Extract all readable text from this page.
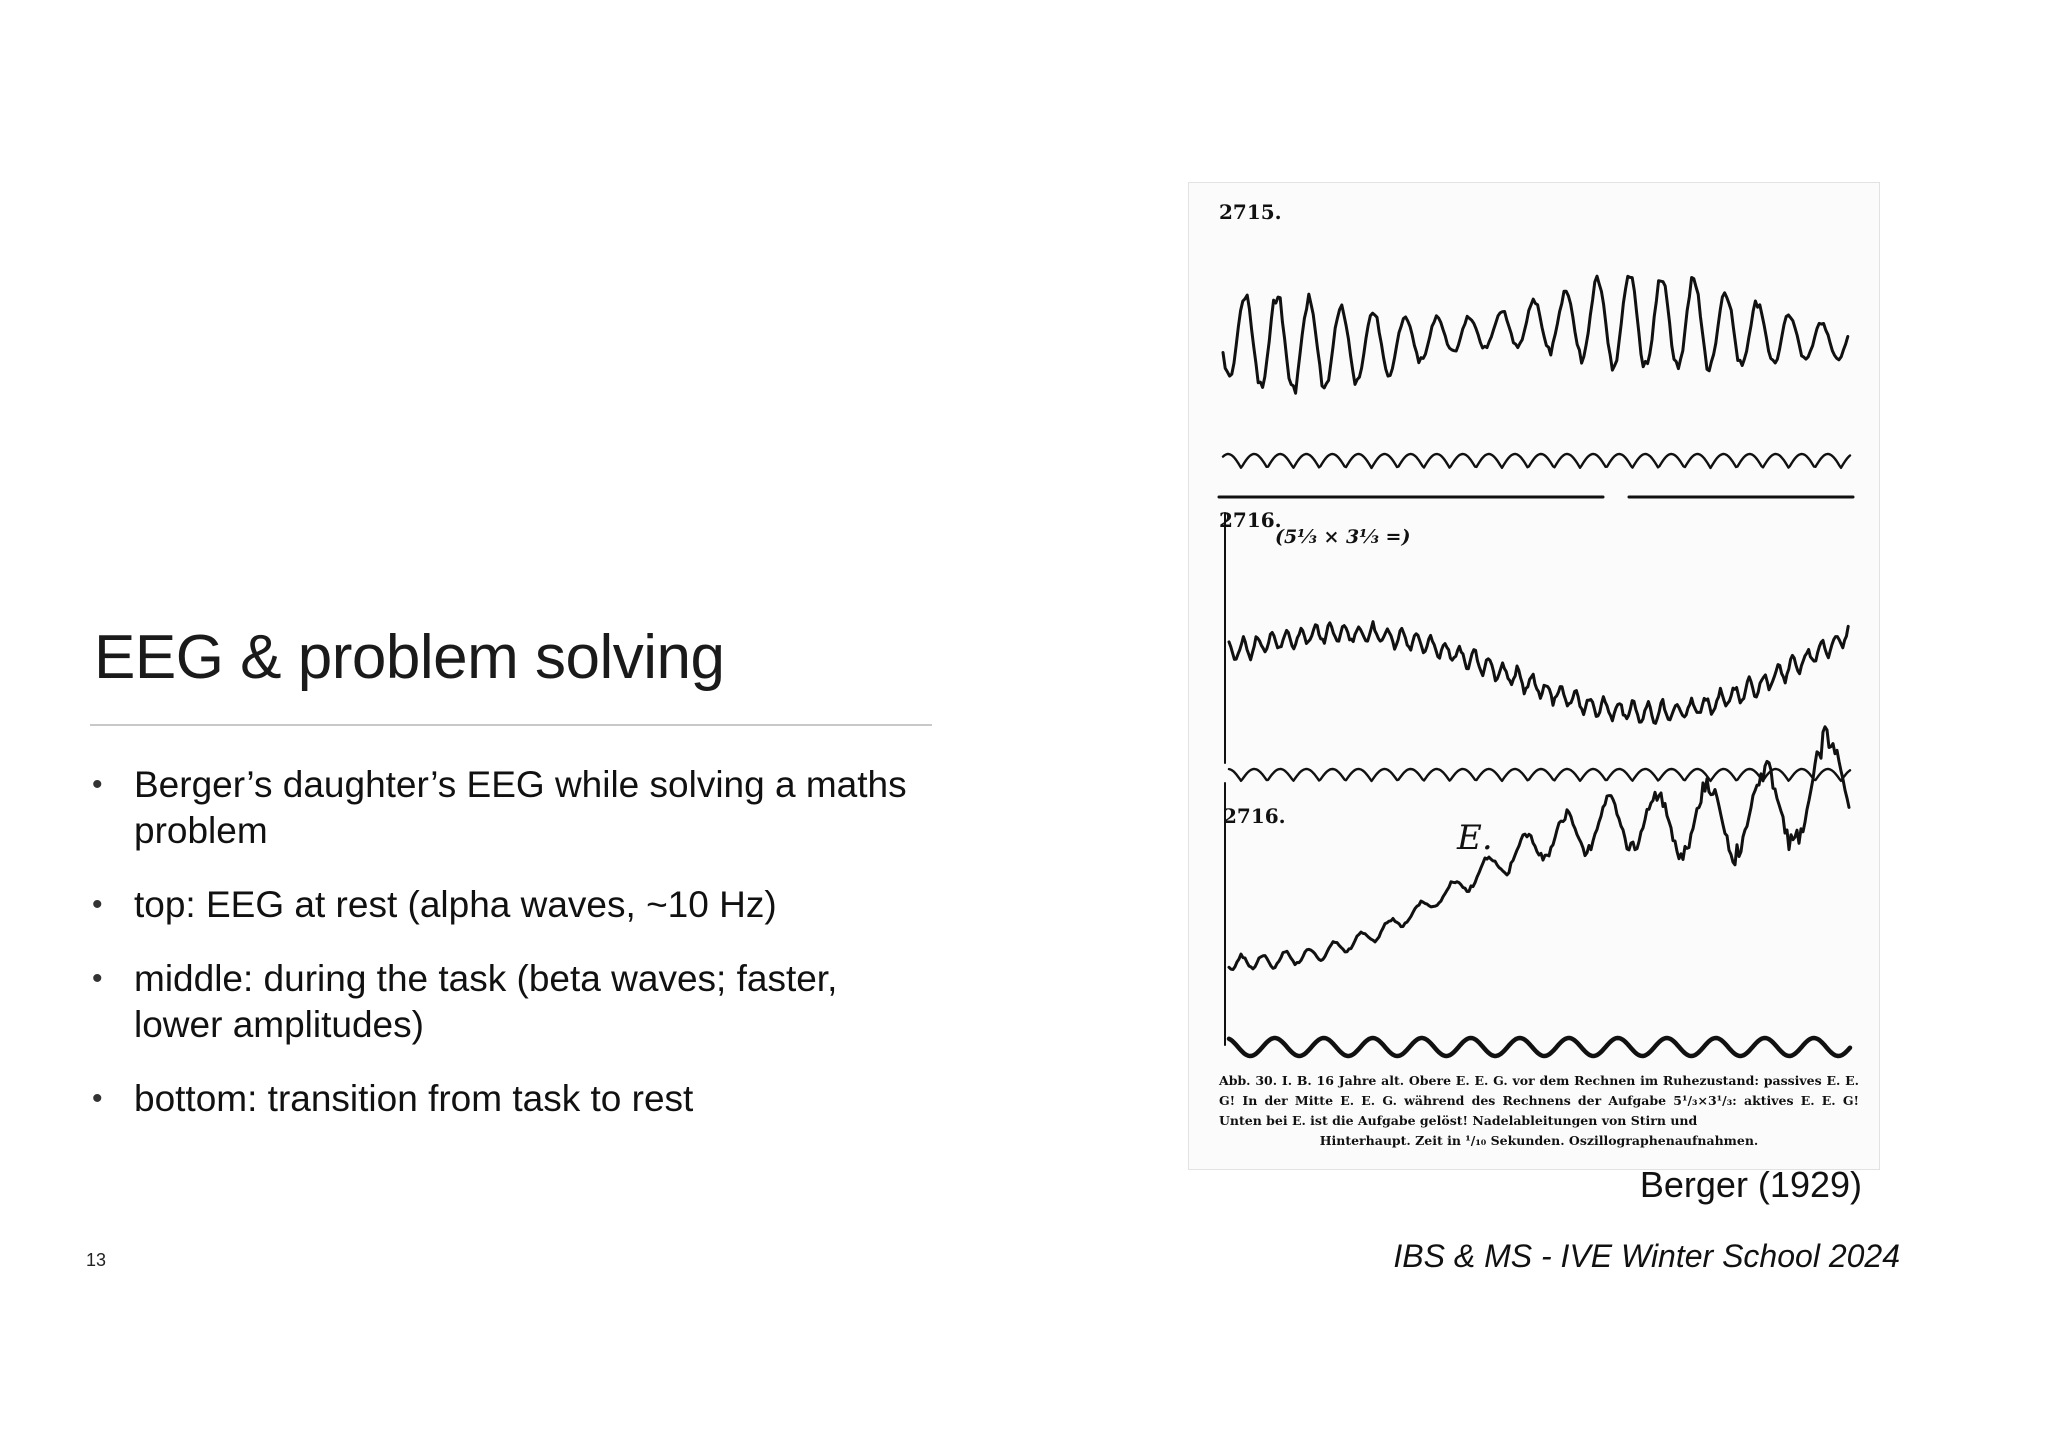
EEG & problem solving
• Berger’s daughter’s EEG while solving a maths problem
• top: EEG at rest (alpha waves, ~10 Hz)
• middle: during the task (beta waves; faster, lower amplitudes)
• bottom: transition from task to rest
2715.
2716.
(5⅓ × 3⅓ =)
2716.
E.
Abb. 30. I. B. 16 Jahre alt. Obere E. E. G. vor dem Rechnen im Ruhezustand: passives E. E. G! In der Mitte E. E. G. während des Rechnens der Aufgabe 5¹/₃×3¹/₃: aktives E. E. G! Unten bei E. ist die Aufgabe gelöst! Nadelableitungen von Stirn und
Hinterhaupt. Zeit in ¹/₁₀ Sekunden. Oszillographenaufnahmen.
Berger (1929)
13	IBS & MS - IVE Winter School 2024
